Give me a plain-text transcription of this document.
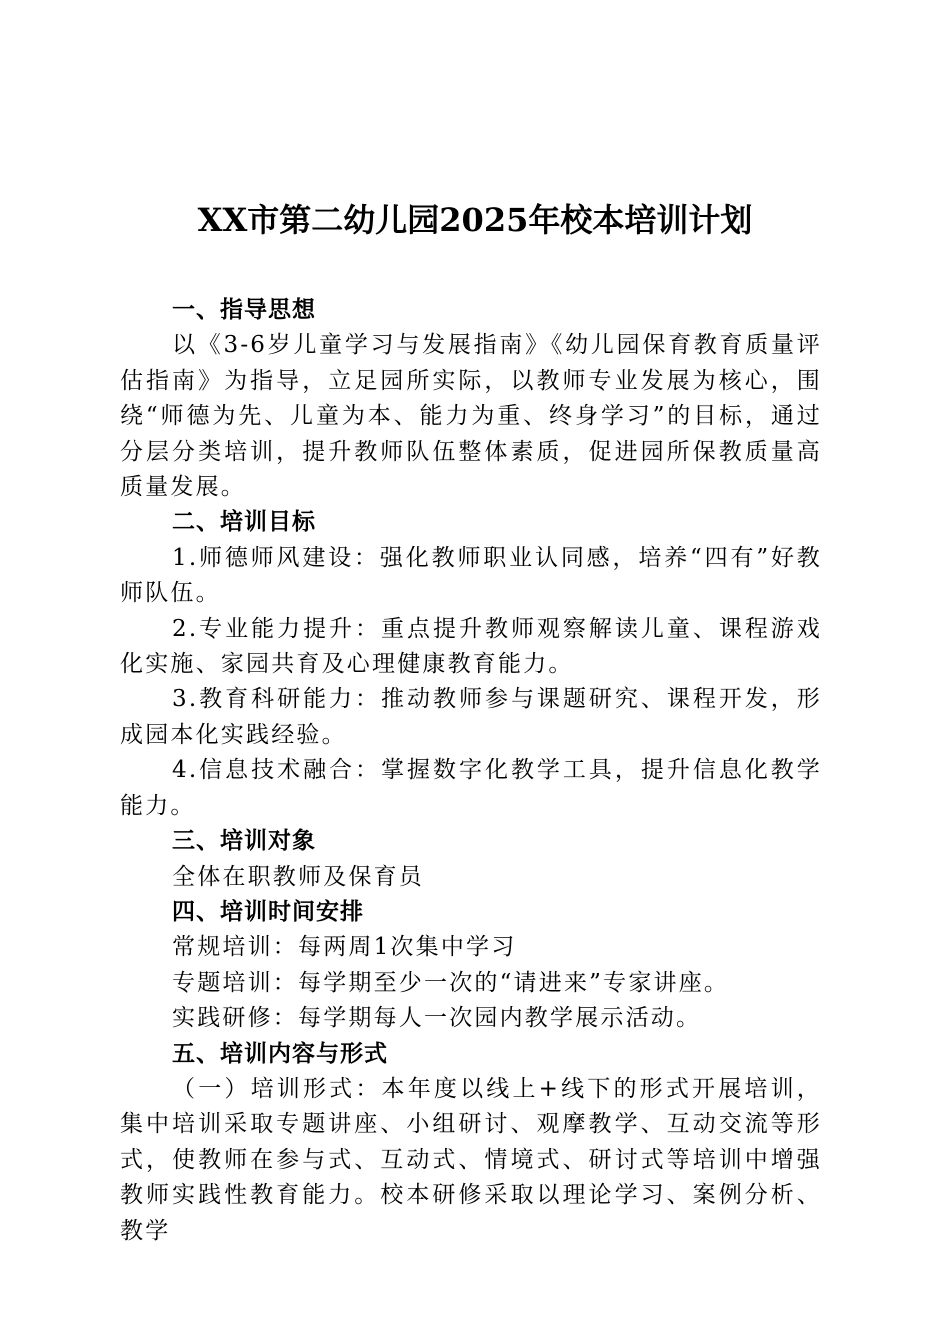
XX市第二幼儿园2025年校本培训计划

一、指导思想

以《3-6岁儿童学习与发展指南》《幼儿园保育教育质量评估指南》为指导，立足园所实际，以教师专业发展为核心，围绕“师德为先、儿童为本、能力为重、终身学习”的目标，通过分层分类培训，提升教师队伍整体素质，促进园所保教质量高质量发展。

二、培训目标

1.师德师风建设：强化教师职业认同感，培养“四有”好教师队伍。

2.专业能力提升：重点提升教师观察解读儿童、课程游戏化实施、家园共育及心理健康教育能力。

3.教育科研能力：推动教师参与课题研究、课程开发，形成园本化实践经验。

4.信息技术融合：掌握数字化教学工具，提升信息化教学能力。

三、培训对象

全体在职教师及保育员

四、培训时间安排

常规培训：每两周1次集中学习

专题培训：每学期至少一次的“请进来”专家讲座。

实践研修：每学期每人一次园内教学展示活动。

五、培训内容与形式

（一）培训形式：本年度以线上+线下的形式开展培训，集中培训采取专题讲座、小组研讨、观摩教学、互动交流等形式，使教师在参与式、互动式、情境式、研讨式等培训中增强教师实践性教育能力。校本研修采取以理论学习、案例分析、教学
